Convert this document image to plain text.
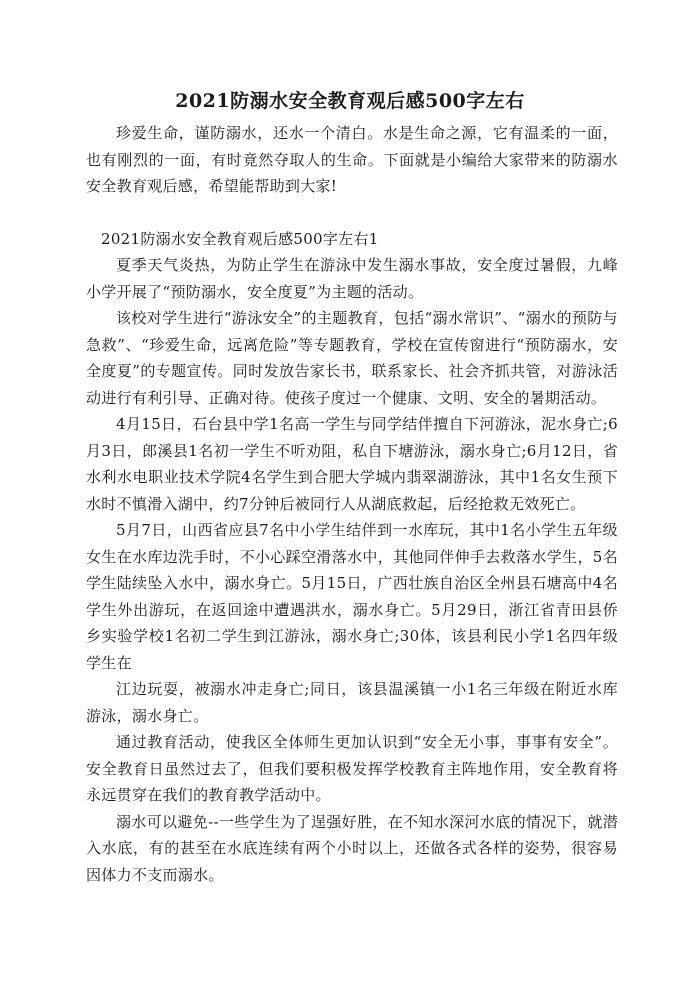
2021防溺水安全教育观后感500字左右

珍爱生命，谨防溺水，还水一个清白。水是生命之源，它有温柔的一面，也有刚烈的一面，有时竟然夺取人的生命。下面就是小编给大家带来的防溺水安全教育观后感，希望能帮助到大家!

2021防溺水安全教育观后感500字左右1

夏季天气炎热，为防止学生在游泳中发生溺水事故，安全度过暑假，九峰小学开展了“预防溺水，安全度夏”为主题的活动。

该校对学生进行“游泳安全”的主题教育，包括“溺水常识”、“溺水的预防与急救”、“珍爱生命，远离危险”等专题教育，学校在宣传窗进行“预防溺水，安全度夏”的专题宣传。同时发放告家长书，联系家长、社会齐抓共管，对游泳活动进行有利引导、正确对待。使孩子度过一个健康、文明、安全的暑期活动。

4月15日，石台县中学1名高一学生与同学结伴擅自下河游泳，泥水身亡;6月3日，郎溪县1名初一学生不听劝阻，私自下塘游泳，溺水身亡;6月12日，省水利水电职业技术学院4名学生到合肥大学城内翡翠湖游泳，其中1名女生预下水时不慎滑入湖中，约7分钟后被同行人从湖底救起，后经抢救无效死亡。

5月7日，山西省应县7名中小学生结伴到一水库玩，其中1名小学生五年级女生在水库边洗手时，不小心踩空滑落水中，其他同伴伸手去救落水学生，5名学生陆续坠入水中，溺水身亡。5月15日，广西壮族自治区全州县石塘高中4名学生外出游玩，在返回途中遭遇洪水，溺水身亡。5月29日，浙江省青田县侨乡实验学校1名初二学生到江游泳，溺水身亡;30体，该县利民小学1名四年级学生在

江边玩耍，被溺水冲走身亡;同日，该县温溪镇一小1名三年级在附近水库游泳，溺水身亡。

通过教育活动，使我区全体师生更加认识到“安全无小事，事事有安全”。安全教育日虽然过去了，但我们要积极发挥学校教育主阵地作用，安全教育将永远贯穿在我们的教育教学活动中。

溺水可以避免--一些学生为了逞强好胜，在不知水深河水底的情况下，就潜入水底，有的甚至在水底连续有两个小时以上，还做各式各样的姿势，很容易因体力不支而溺水。
